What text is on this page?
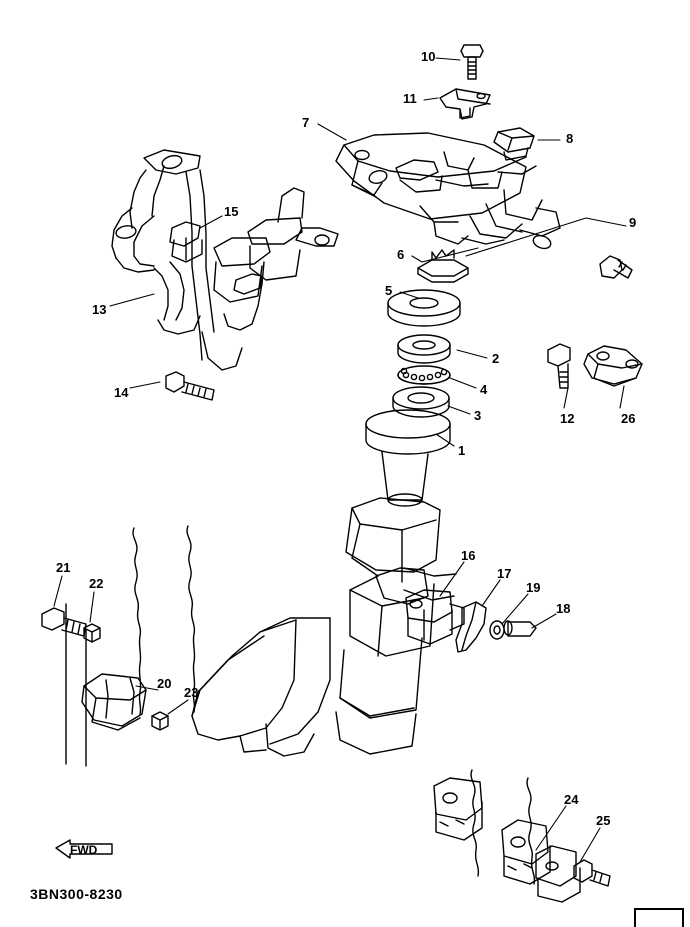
1
2
3
4
5
6
7
8
9
10
11
12
13
14
15
16
17
18
19
20
21
22
23
24
25
26
FWD
3BN300-8230
